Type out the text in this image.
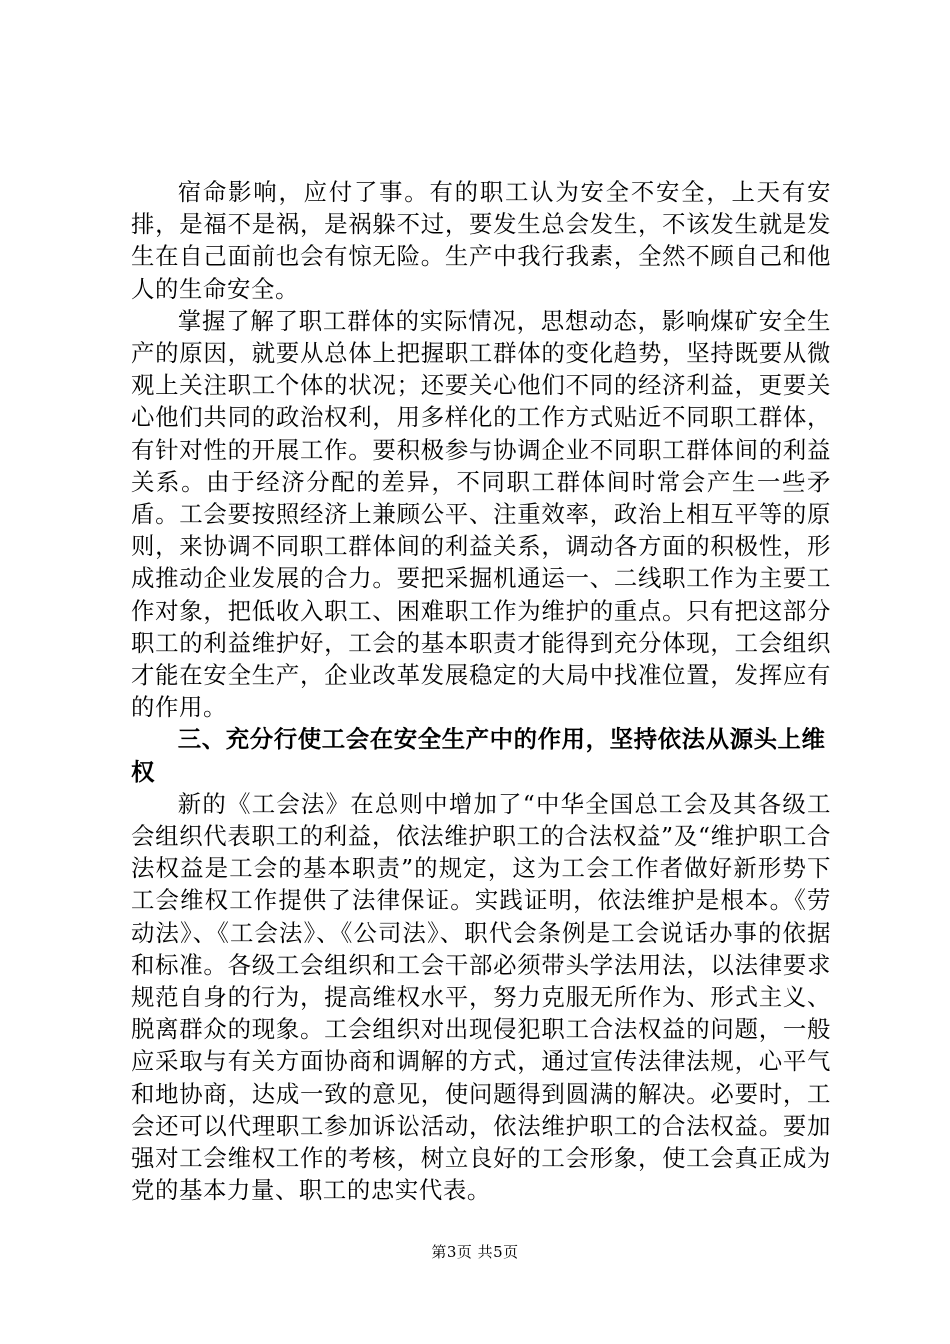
宿命影响，应付了事。有的职工认为安全不安全，上天有安排，是福不是祸，是祸躲不过，要发生总会发生，不该发生就是发生在自己面前也会有惊无险。生产中我行我素，全然不顾自己和他人的生命安全。

掌握了解了职工群体的实际情况，思想动态，影响煤矿安全生产的原因，就要从总体上把握职工群体的变化趋势，坚持既要从微观上关注职工个体的状况；还要关心他们不同的经济利益，更要关心他们共同的政治权利，用多样化的工作方式贴近不同职工群体，有针对性的开展工作。要积极参与协调企业不同职工群体间的利益关系。由于经济分配的差异，不同职工群体间时常会产生一些矛盾。工会要按照经济上兼顾公平、注重效率，政治上相互平等的原则，来协调不同职工群体间的利益关系，调动各方面的积极性，形成推动企业发展的合力。要把采掘机通运一、二线职工作为主要工作对象，把低收入职工、困难职工作为维护的重点。只有把这部分职工的利益维护好，工会的基本职责才能得到充分体现，工会组织才能在安全生产，企业改革发展稳定的大局中找准位置，发挥应有的作用。

三、充分行使工会在安全生产中的作用，坚持依法从源头上维权

新的《工会法》在总则中增加了“中华全国总工会及其各级工会组织代表职工的利益，依法维护职工的合法权益”及“维护职工合法权益是工会的基本职责”的规定，这为工会工作者做好新形势下工会维权工作提供了法律保证。实践证明，依法维护是根本。《劳动法》、《工会法》、《公司法》、职代会条例是工会说话办事的依据和标准。各级工会组织和工会干部必须带头学法用法，以法律要求规范自身的行为，提高维权水平，努力克服无所作为、形式主义、脱离群众的现象。工会组织对出现侵犯职工合法权益的问题，一般应采取与有关方面协商和调解的方式，通过宣传法律法规，心平气和地协商，达成一致的意见，使问题得到圆满的解决。必要时，工会还可以代理职工参加诉讼活动，依法维护职工的合法权益。要加强对工会维权工作的考核，树立良好的工会形象，使工会真正成为党的基本力量、职工的忠实代表。

第3页 共5页
